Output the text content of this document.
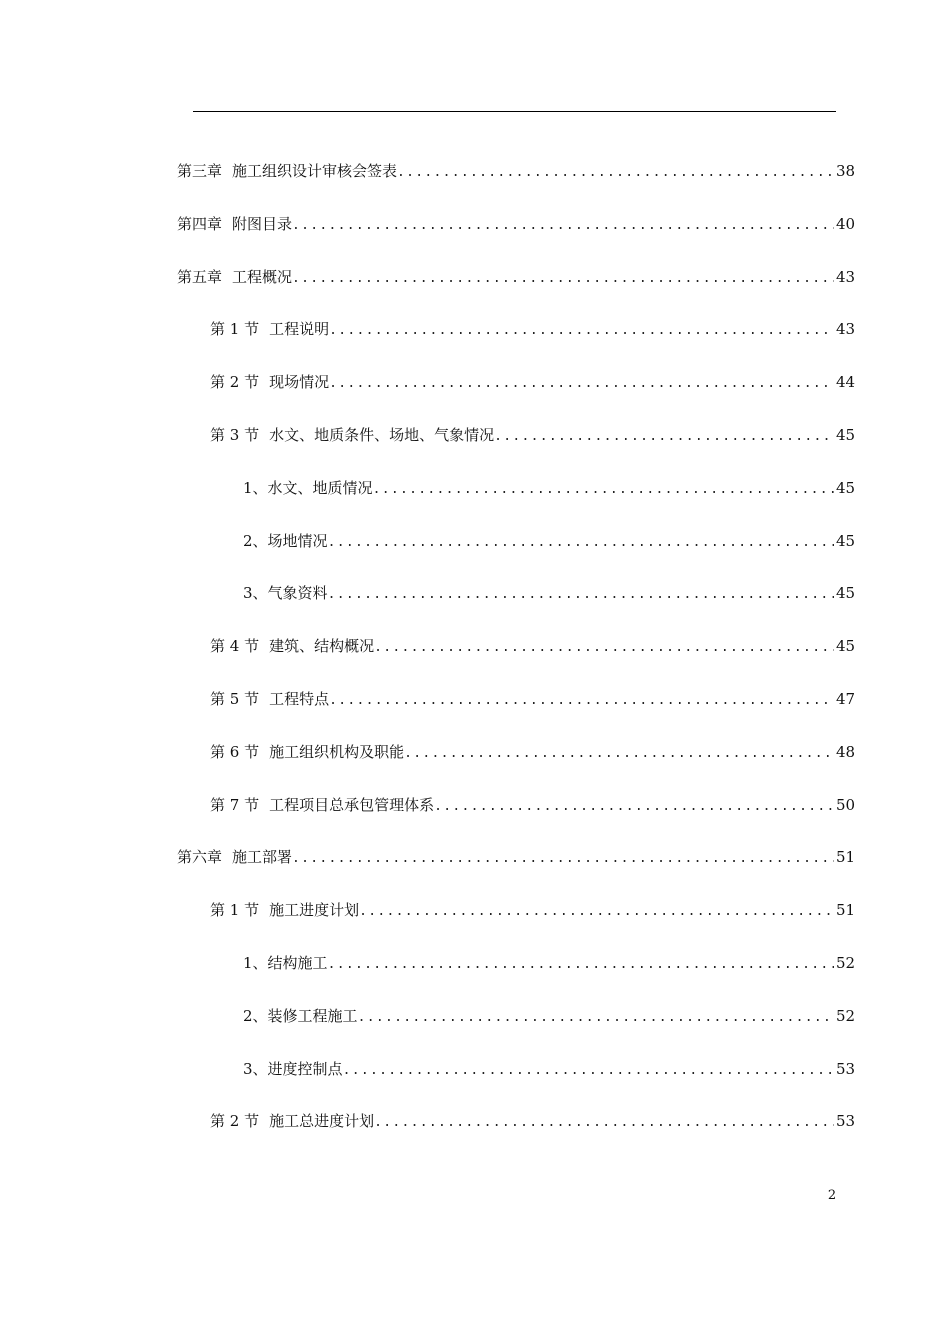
第三章 施工组织设计审核会签表 .....	38
第四章 附图目录 .....	40
第五章 工程概况 .....	43
第 1 节 工程说明 .....	43
第 2 节 现场情况 .....	44
第 3 节 水文、地质条件、场地、气象情况 .....	45
1、 水文、地质情况 .....	45
2、 场地情况 .....	45
3、 气象资料 .....	45
第 4 节 建筑、结构概况 .....	45
第 5 节 工程特点 .....	47
第 6 节 施工组织机构及职能 .....	48
第 7 节 工程项目总承包管理体系 .....	50
第六章 施工部署 .....	51
第 1 节 施工进度计划 .....	51
1、 结构施工 .....	52
2、 装修工程施工 .....	52
3、 进度控制点 .....	53
第 2 节 施工总进度计划 .....	53
2
